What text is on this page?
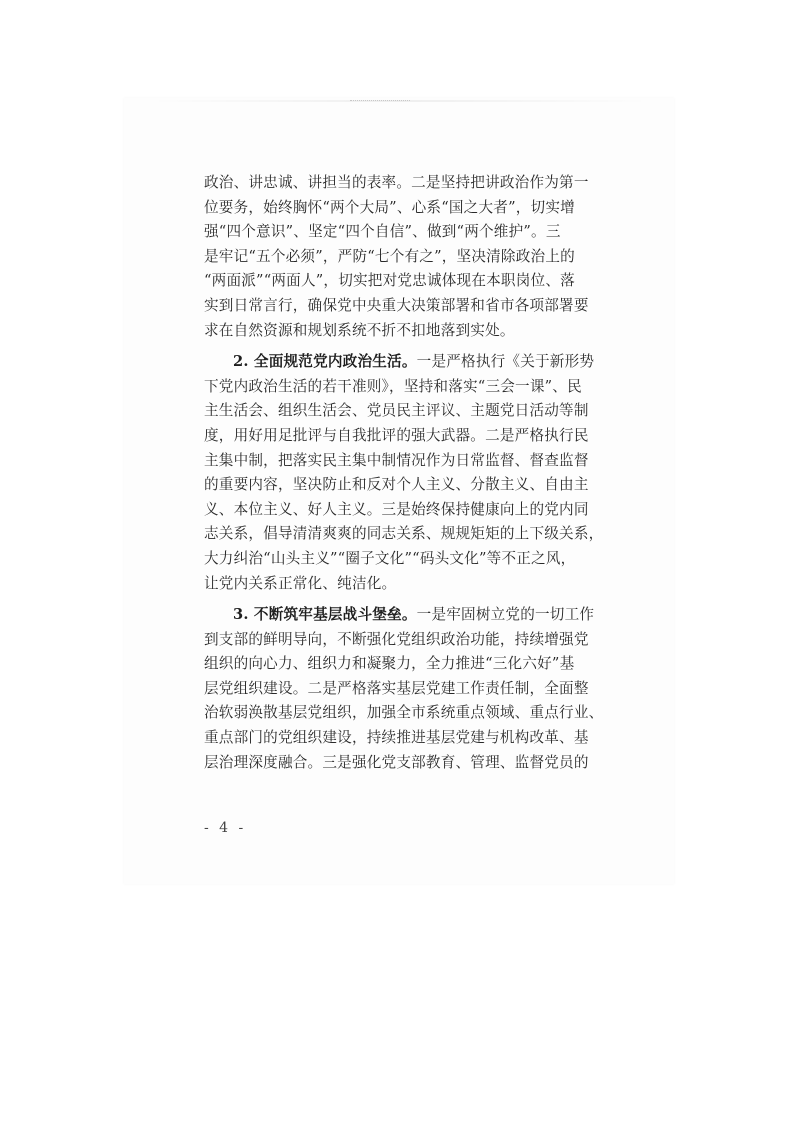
政治、讲忠诚、讲担当的表率。二是坚持把讲政治作为第一
位要务，始终胸怀“两个大局”、心系“国之大者”，切实增
强“四个意识”、坚定“四个自信”、做到“两个维护”。三
是牢记“五个必须”，严防“七个有之”，坚决清除政治上的
“两面派”“两面人”，切实把对党忠诚体现在本职岗位、落
实到日常言行，确保党中央重大决策部署和省市各项部署要
求在自然资源和规划系统不折不扣地落到实处。
2. 全面规范党内政治生活。一是严格执行《关于新形势
下党内政治生活的若干准则》，坚持和落实“三会一课”、民
主生活会、组织生活会、党员民主评议、主题党日活动等制
度，用好用足批评与自我批评的强大武器。二是严格执行民
主集中制，把落实民主集中制情况作为日常监督、督查监督
的重要内容，坚决防止和反对个人主义、分散主义、自由主
义、本位主义、好人主义。三是始终保持健康向上的党内同
志关系，倡导清清爽爽的同志关系、规规矩矩的上下级关系，
大力纠治“山头主义”“圈子文化”“码头文化”等不正之风，
让党内关系正常化、纯洁化。
3. 不断筑牢基层战斗堡垒。一是牢固树立党的一切工作
到支部的鲜明导向，不断强化党组织政治功能，持续增强党
组织的向心力、组织力和凝聚力，全力推进“三化六好”基
层党组织建设。二是严格落实基层党建工作责任制，全面整
治软弱涣散基层党组织，加强全市系统重点领域、重点行业、
重点部门的党组织建设，持续推进基层党建与机构改革、基
层治理深度融合。三是强化党支部教育、管理、监督党员的
- 4 -
